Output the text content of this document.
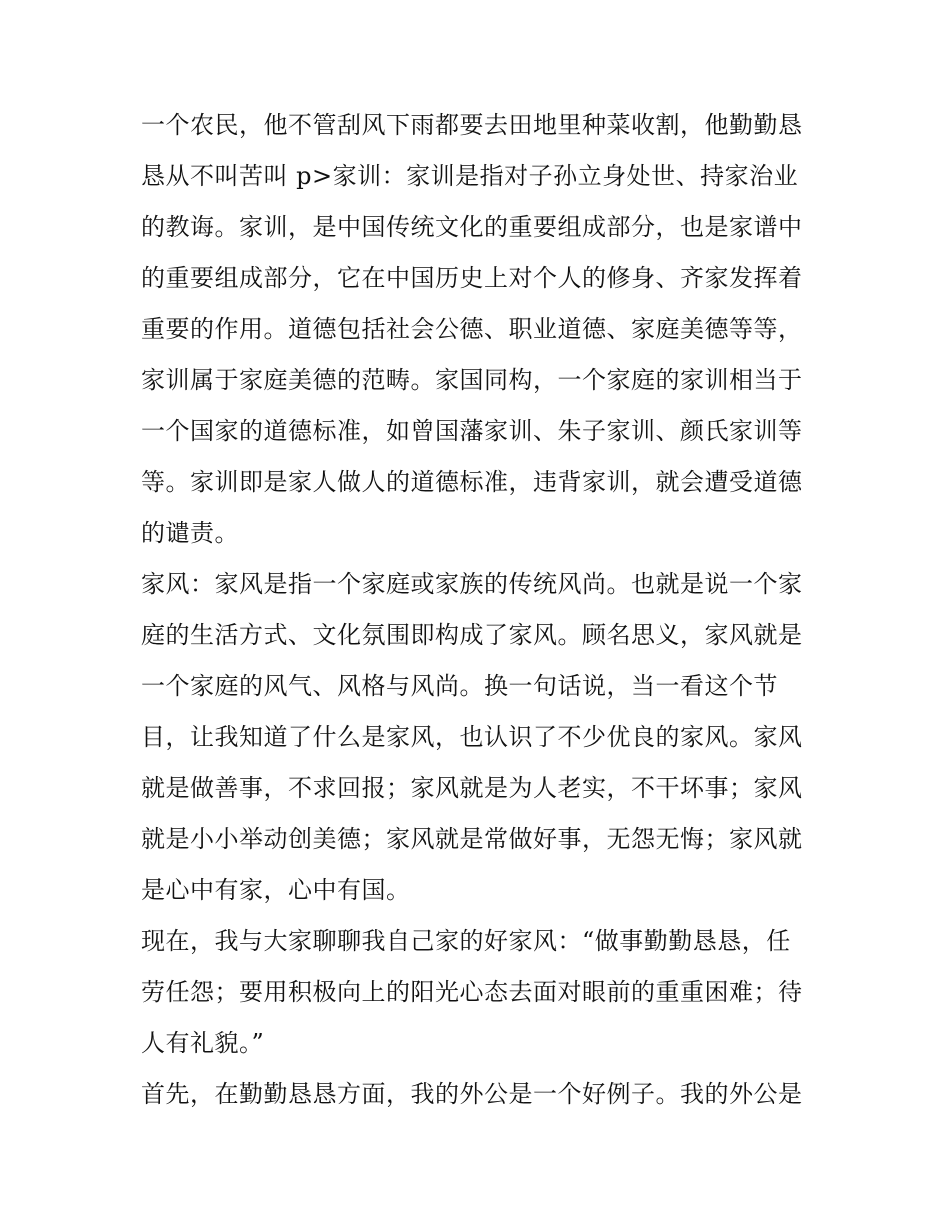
一个农民，他不管刮风下雨都要去田地里种菜收割，他勤勤恳
恳从不叫苦叫 p>家训：家训是指对子孙立身处世、持家治业
的教诲。家训，是中国传统文化的重要组成部分，也是家谱中
的重要组成部分，它在中国历史上对个人的修身、齐家发挥着
重要的作用。道德包括社会公德、职业道德、家庭美德等等，
家训属于家庭美德的范畴。家国同构，一个家庭的家训相当于
一个国家的道德标准，如曾国藩家训、朱子家训、颜氏家训等
等。家训即是家人做人的道德标准，违背家训，就会遭受道德
的谴责。
家风：家风是指一个家庭或家族的传统风尚。也就是说一个家
庭的生活方式、文化氛围即构成了家风。顾名思义，家风就是
一个家庭的风气、风格与风尚。换一句话说，当一看这个节
目，让我知道了什么是家风，也认识了不少优良的家风。家风
就是做善事，不求回报；家风就是为人老实，不干坏事；家风
就是小小举动创美德；家风就是常做好事，无怨无悔；家风就
是心中有家，心中有国。
现在，我与大家聊聊我自己家的好家风：“做事勤勤恳恳，任
劳任怨；要用积极向上的阳光心态去面对眼前的重重困难；待
人有礼貌。”
首先，在勤勤恳恳方面，我的外公是一个好例子。我的外公是
